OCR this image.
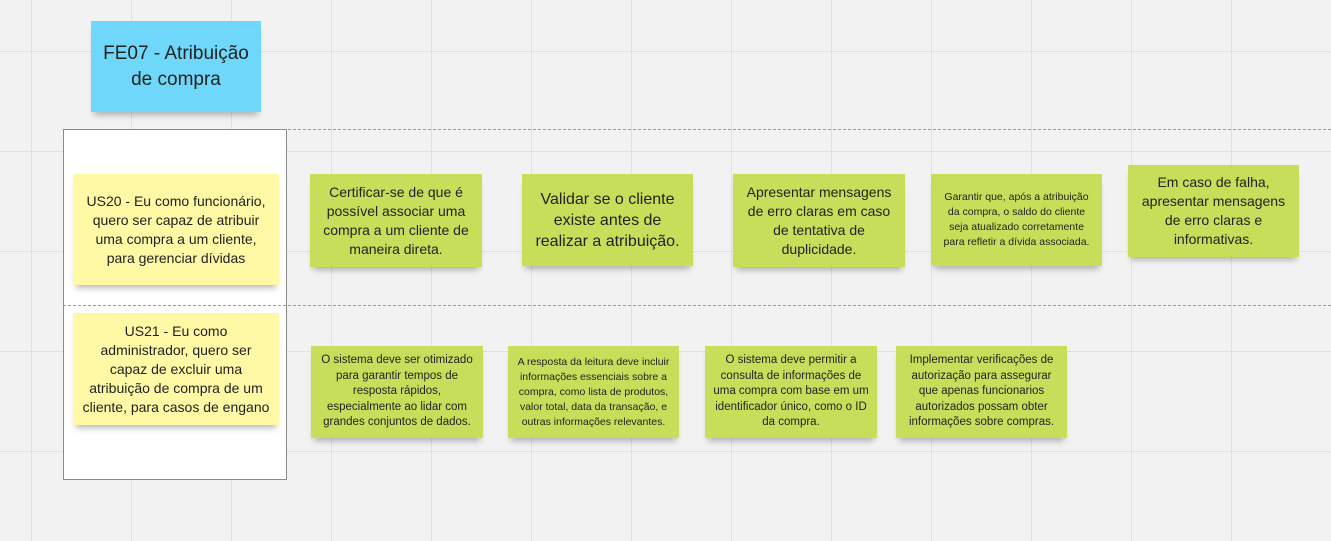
FE07 - Atribuição de compra
US20 - Eu como funcionário, quero ser capaz de atribuir uma compra a um cliente, para gerenciar dívidas
Certificar-se de que é possível associar uma compra a um cliente de maneira direta.
Validar se o cliente existe antes de realizar a atribuição.
Apresentar mensagens de erro claras em caso de tentativa de duplicidade.
Garantir que, após a atribuição da compra, o saldo do cliente seja atualizado corretamente para refletir a dívida associada.
Em caso de falha, apresentar mensagens de erro claras e informativas.
US21 - Eu como administrador, quero ser capaz de excluir uma atribuição de compra de um cliente, para casos de engano
O sistema deve ser otimizado para garantir tempos de resposta rápidos, especialmente ao lidar com grandes conjuntos de dados.
A resposta da leitura deve incluir informações essenciais sobre a compra, como lista de produtos, valor total, data da transação, e outras informações relevantes.
O sistema deve permitir a consulta de informações de uma compra com base em um identificador único, como o ID da compra.
Implementar verificações de autorização para assegurar que apenas funcionarios autorizados possam obter informações sobre compras.
